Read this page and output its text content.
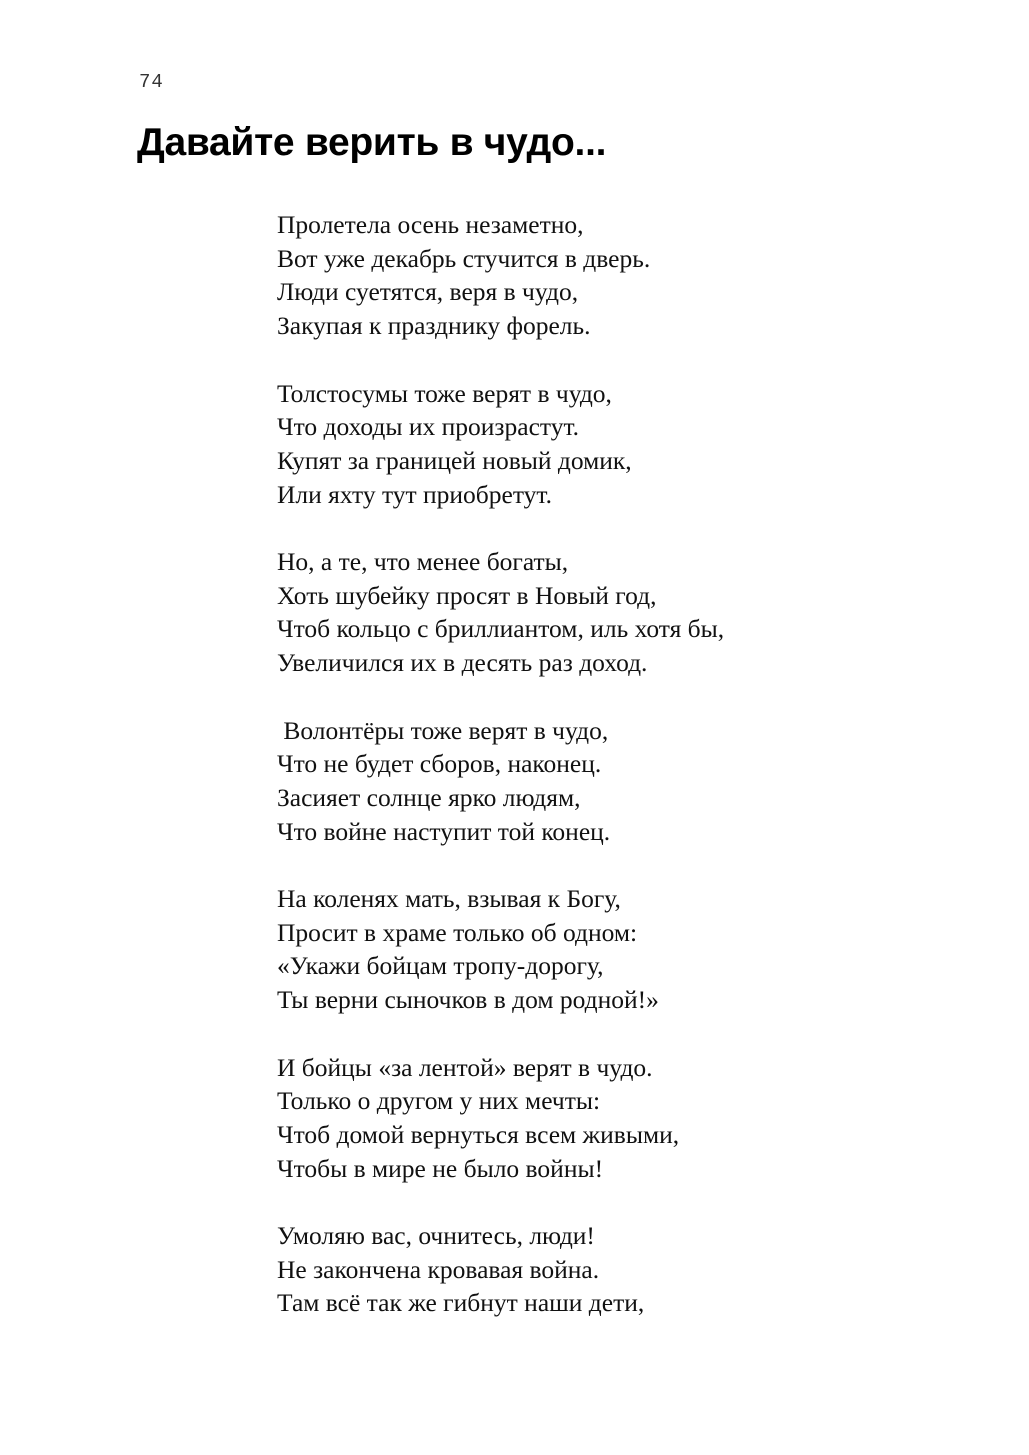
74
Давайте верить в чудо...
Пролетела осень незаметно,
Вот уже декабрь стучится в дверь.
Люди суетятся, веря в чудо,
Закупая к празднику форель.
Толстосумы тоже верят в чудо,
Что доходы их произрастут.
Купят за границей новый домик,
Или яхту тут приобретут.
Но, а те, что менее богаты,
Хоть шубейку просят в Новый год,
Чтоб кольцо с бриллиантом, иль хотя бы,
Увеличился их в десять раз доход.
Волонтёры тоже верят в чудо,
Что не будет сборов, наконец.
Засияет солнце ярко людям,
Что войне наступит той конец.
На коленях мать, взывая к Богу,
Просит в храме только об одном:
«Укажи бойцам тропу-дорогу,
Ты верни сыночков в дом родной!»
И бойцы «за лентой» верят в чудо.
Только о другом у них мечты:
Чтоб домой вернуться всем живыми,
Чтобы в мире не было войны!
Умоляю вас, очнитесь, люди!
Не закончена кровавая война.
Там всё так же гибнут наши дети,
